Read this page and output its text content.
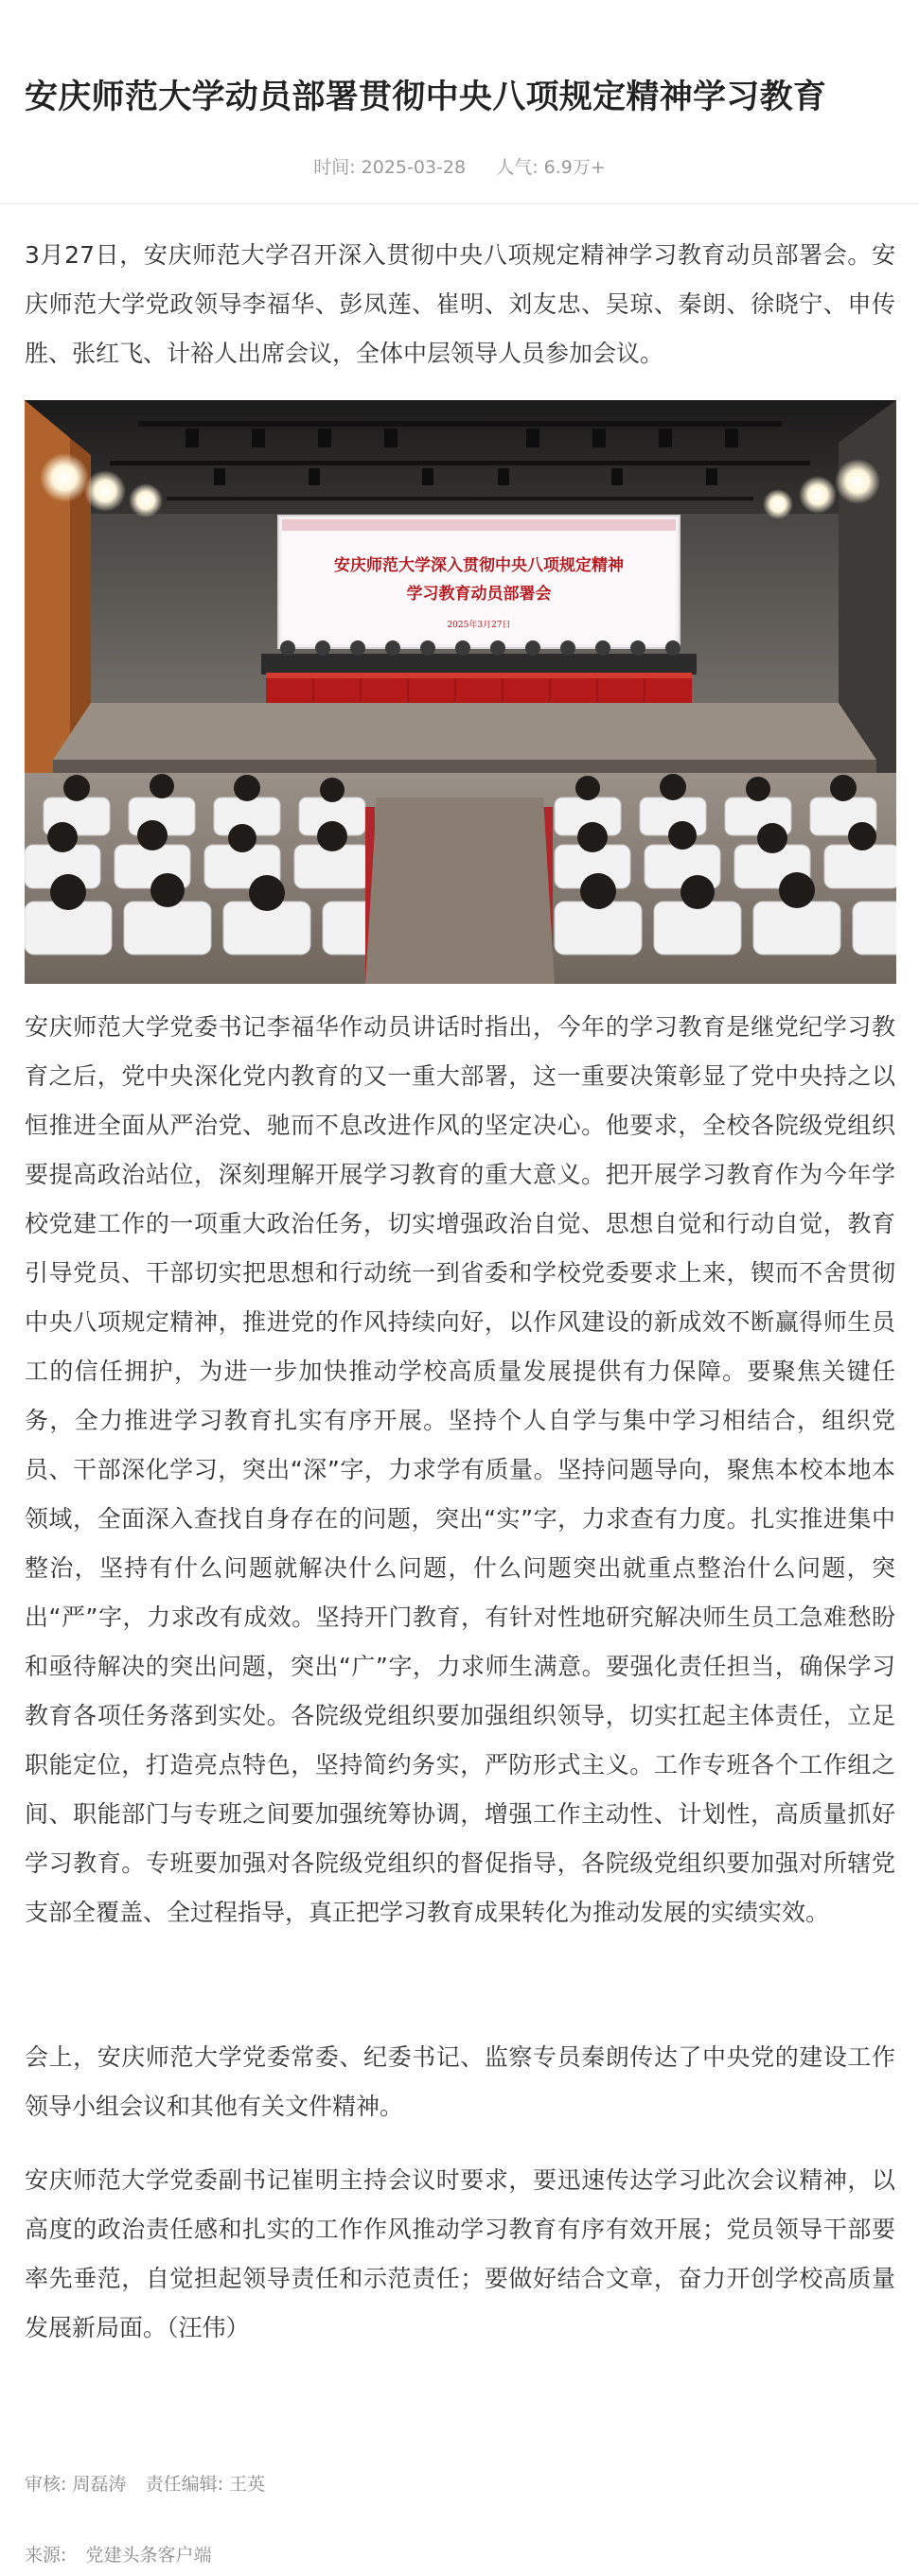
安庆师范大学动员部署贯彻中央八项规定精神学习教育
时间: 2025-03-28 人气: 6.9万+

3月27日，安庆师范大学召开深入贯彻中央八项规定精神学习教育动员部署会。安庆师范大学党政领导李福华、彭凤莲、崔明、刘友忠、吴琼、秦朗、徐晓宁、申传胜、张红飞、计裕人出席会议，全体中层领导人员参加会议。

安庆师范大学深入贯彻中央八项规定精神
学习教育动员部署会
2025年3月27日

安庆师范大学党委书记李福华作动员讲话时指出，今年的学习教育是继党纪学习教育之后，党中央深化党内教育的又一重大部署，这一重要决策彰显了党中央持之以恒推进全面从严治党、驰而不息改进作风的坚定决心。他要求，全校各院级党组织要提高政治站位，深刻理解开展学习教育的重大意义。把开展学习教育作为今年学校党建工作的一项重大政治任务，切实增强政治自觉、思想自觉和行动自觉，教育引导党员、干部切实把思想和行动统一到省委和学校党委要求上来，锲而不舍贯彻中央八项规定精神，推进党的作风持续向好，以作风建设的新成效不断赢得师生员工的信任拥护，为进一步加快推动学校高质量发展提供有力保障。要聚焦关键任务，全力推进学习教育扎实有序开展。坚持个人自学与集中学习相结合，组织党员、干部深化学习，突出“深”字，力求学有质量。坚持问题导向，聚焦本校本地本领域，全面深入查找自身存在的问题，突出“实”字，力求查有力度。扎实推进集中整治，坚持有什么问题就解决什么问题，什么问题突出就重点整治什么问题，突出“严”字，力求改有成效。坚持开门教育，有针对性地研究解决师生员工急难愁盼和亟待解决的突出问题，突出“广”字，力求师生满意。要强化责任担当，确保学习教育各项任务落到实处。各院级党组织要加强组织领导，切实扛起主体责任，立足职能定位，打造亮点特色，坚持简约务实，严防形式主义。工作专班各个工作组之间、职能部门与专班之间要加强统筹协调，增强工作主动性、计划性，高质量抓好学习教育。专班要加强对各院级党组织的督促指导，各院级党组织要加强对所辖党支部全覆盖、全过程指导，真正把学习教育成果转化为推动发展的实绩实效。

会上，安庆师范大学党委常委、纪委书记、监察专员秦朗传达了中央党的建设工作领导小组会议和其他有关文件精神。

安庆师范大学党委副书记崔明主持会议时要求，要迅速传达学习此次会议精神，以高度的政治责任感和扎实的工作作风推动学习教育有序有效开展；党员领导干部要率先垂范，自觉担起领导责任和示范责任；要做好结合文章，奋力开创学校高质量发展新局面。（汪伟）

审核: 周磊涛 责任编辑: 王英
来源: 党建头条客户端
